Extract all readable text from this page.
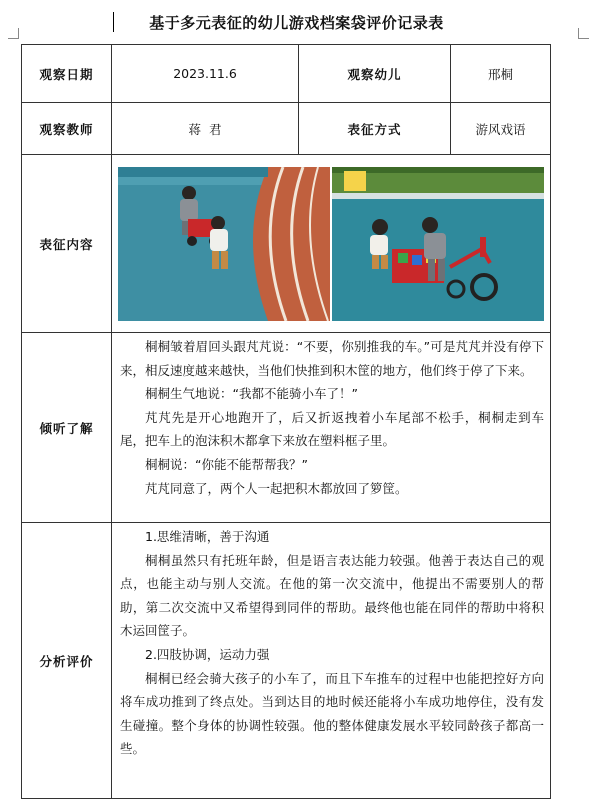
基于多元表征的幼儿游戏档案袋评价记录表
观察日期	2023.11.6	观察幼儿	邢桐
观察教师	蒋  君	表征方式	游风戏语
表征内容	

倾听了解	桐桐皱着眉回头跟芃芃说：“不要，你别推我的车。”可是芃芃并没有停下来，相反速度越来越快，当他们快推到积木筐的地方，他们终于停了下来。

桐桐生气地说：“我都不能骑小车了！”

芃芃先是开心地跑开了，后又折返拽着小车尾部不松手，桐桐走到车尾，把车上的泡沫积木都拿下来放在塑料框子里。

桐桐说：“你能不能帮帮我？”

芃芃同意了，两个人一起把积木都放回了箩筐。		

分析评价	1.思维清晰，善于沟通

桐桐虽然只有托班年龄，但是语言表达能力较强。他善于表达自己的观点，也能主动与别人交流。在他的第一次交流中，他提出不需要别人的帮助，第二次交流中又希望得到同伴的帮助。最终他也能在同伴的帮助中将积木运回筐子。

2.四肢协调，运动力强

桐桐已经会骑大孩子的小车了，而且下车推车的过程中也能把控好方向将车成功推到了终点处。当到达目的地时候还能将小车成功地停住，没有发生碰撞。整个身体的协调性较强。他的整体健康发展水平较同龄孩子都高一些。		
